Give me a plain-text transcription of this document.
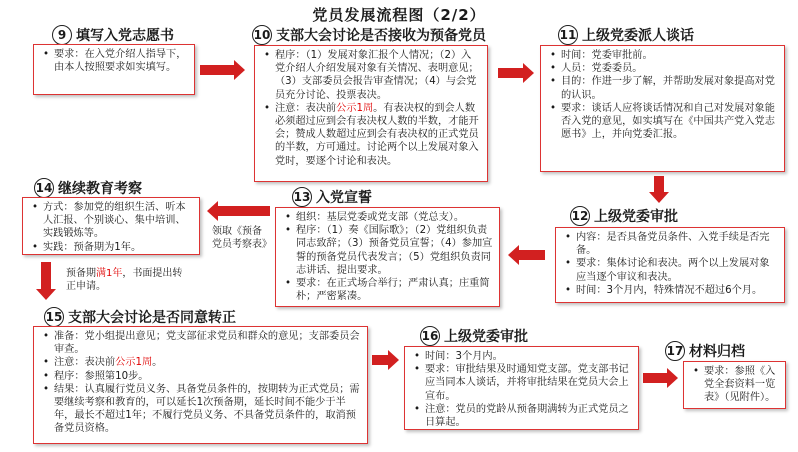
党员发展流程图（2/2）
9 填写入党志愿书
• 要求：在入党介绍人指导下，由本人按照要求如实填写。
10 支部大会讨论是否接收为预备党员
• 程序：（1）发展对象汇报个人情况；（2）入党介绍人介绍发展对象有关情况、表明意见；（3）支部委员会报告审查情况；（4）与会党员充分讨论、投票表决。
• 注意：表决前公示1周。有表决权的到会人数必须超过应到会有表决权人数的半数，才能开会；赞成人数超过应到会有表决权的正式党员的半数，方可通过。讨论两个以上发展对象入党时，要逐个讨论和表决。
11 上级党委派人谈话
• 时间：党委审批前。
• 人员：党委委员。
• 目的：作进一步了解，并帮助发展对象提高对党的认识。
• 要求：谈话人应将谈话情况和自己对发展对象能否入党的意见，如实填写在《中国共产党入党志愿书》上，并向党委汇报。
12 上级党委审批
• 内容：是否具备党员条件、入党手续是否完备。
• 要求：集体讨论和表决。两个以上发展对象应当逐个审议和表决。
• 时间：3个月内，特殊情况不超过6个月。
13 入党宣誓
• 组织：基层党委或党支部（党总支）。
• 程序：（1）奏《国际歌》；（2）党组织负责同志致辞；（3）预备党员宣誓；（4）参加宣誓的预备党员代表发言；（5）党组织负责同志讲话、提出要求。
• 要求：在正式场合举行；严肃认真；庄重简朴；严密紧凑。
14 继续教育考察
• 方式：参加党的组织生活、听本人汇报、个别谈心、集中培训、实践锻炼等。
• 实践：预备期为1年。
领取《预备党员考察表》
预备期满1年，书面提出转正申请。
15 支部大会讨论是否同意转正
• 准备：党小组提出意见；党支部征求党员和群众的意见；支部委员会审查。
• 注意：表决前公示1周。
• 程序：参照第10步。
• 结果：认真履行党员义务、具备党员条件的，按期转为正式党员；需要继续考察和教育的，可以延长1次预备期，延长时间不能少于半年，最长不超过1年；不履行党员义务、不具备党员条件的，取消预备党员资格。
16 上级党委审批
• 时间：3个月内。
• 要求：审批结果及时通知党支部。党支部书记应当同本人谈话，并将审批结果在党员大会上宣布。
• 注意：党员的党龄从预备期满转为正式党员之日算起。
17 材料归档
• 要求：参照《入党全套资料一览表》（见附件）。
